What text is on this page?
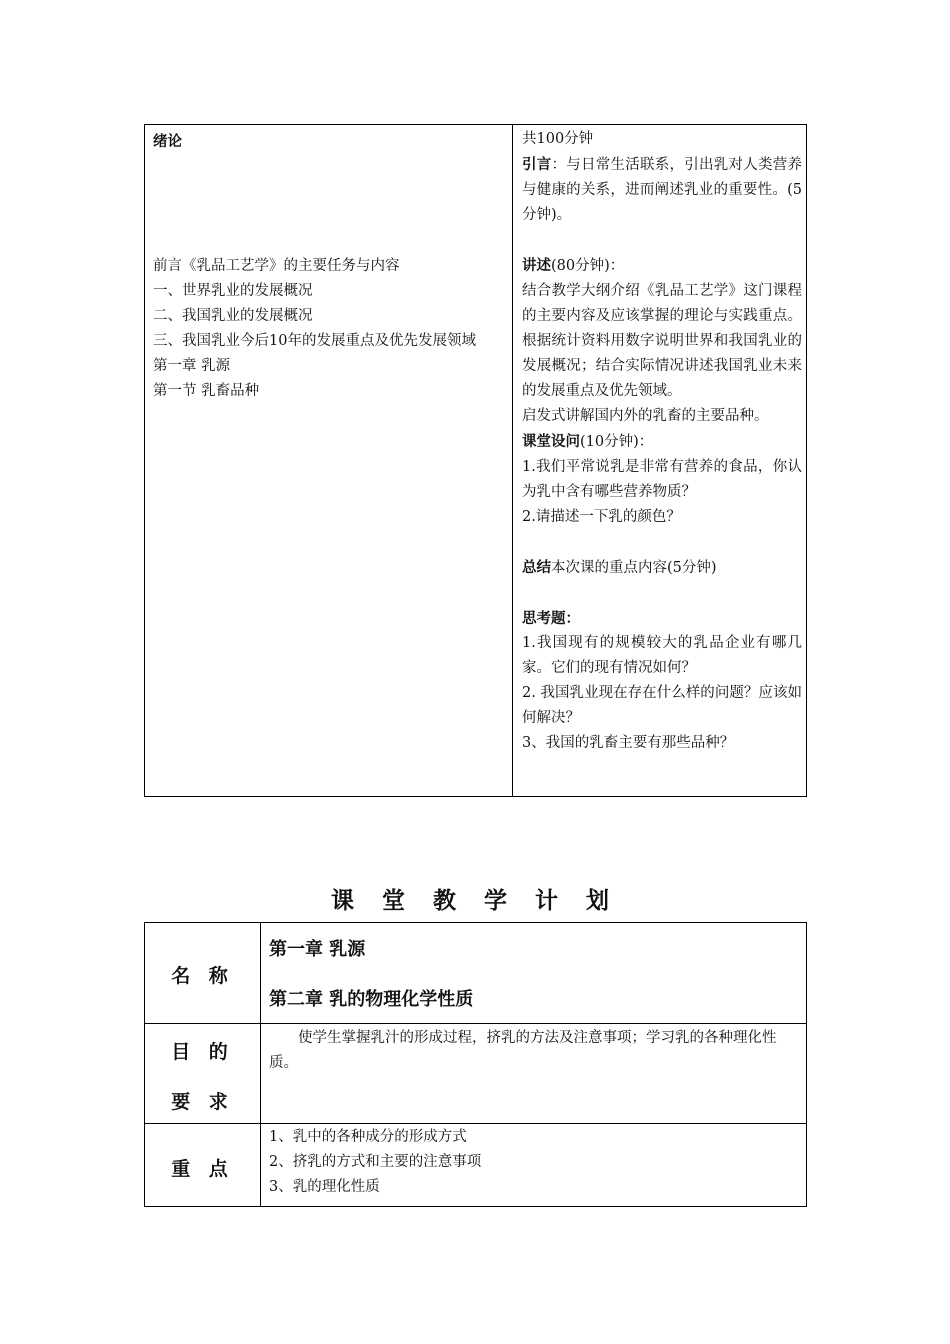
绪论
前言《乳品工艺学》的主要任务与内容
一、世界乳业的发展概况
二、我国乳业的发展概况
三、我国乳业今后10年的发展重点及优先发展领域
第一章 乳源
第一节 乳畜品种
共100分钟
引言：与日常生活联系，引出乳对人类营养与健康的关系，进而阐述乳业的重要性。(5分钟)。
讲述(80分钟)：
结合教学大纲介绍《乳品工艺学》这门课程的主要内容及应该掌握的理论与实践重点。根据统计资料用数字说明世界和我国乳业的发展概况；结合实际情况讲述我国乳业未来的发展重点及优先领域。
启发式讲解国内外的乳畜的主要品种。
课堂设问(10分钟)：
1.我们平常说乳是非常有营养的食品，你认为乳中含有哪些营养物质？
2.请描述一下乳的颜色？
总结本次课的重点内容(5分钟)
思考题：
1.我国现有的规模较大的乳品企业有哪几家。它们的现有情况如何？
2. 我国乳业现在存在什么样的问题？应该如何解决？
3、我国的乳畜主要有那些品种？
课 堂 教 学 计 划
名 称
第一章 乳源
第二章 乳的物理化学性质
目 的
要 求
使学生掌握乳汁的形成过程，挤乳的方法及注意事项；学习乳的各种理化性质。
重 点
1、乳中的各种成分的形成方式
2、挤乳的方式和主要的注意事项
3、乳的理化性质
